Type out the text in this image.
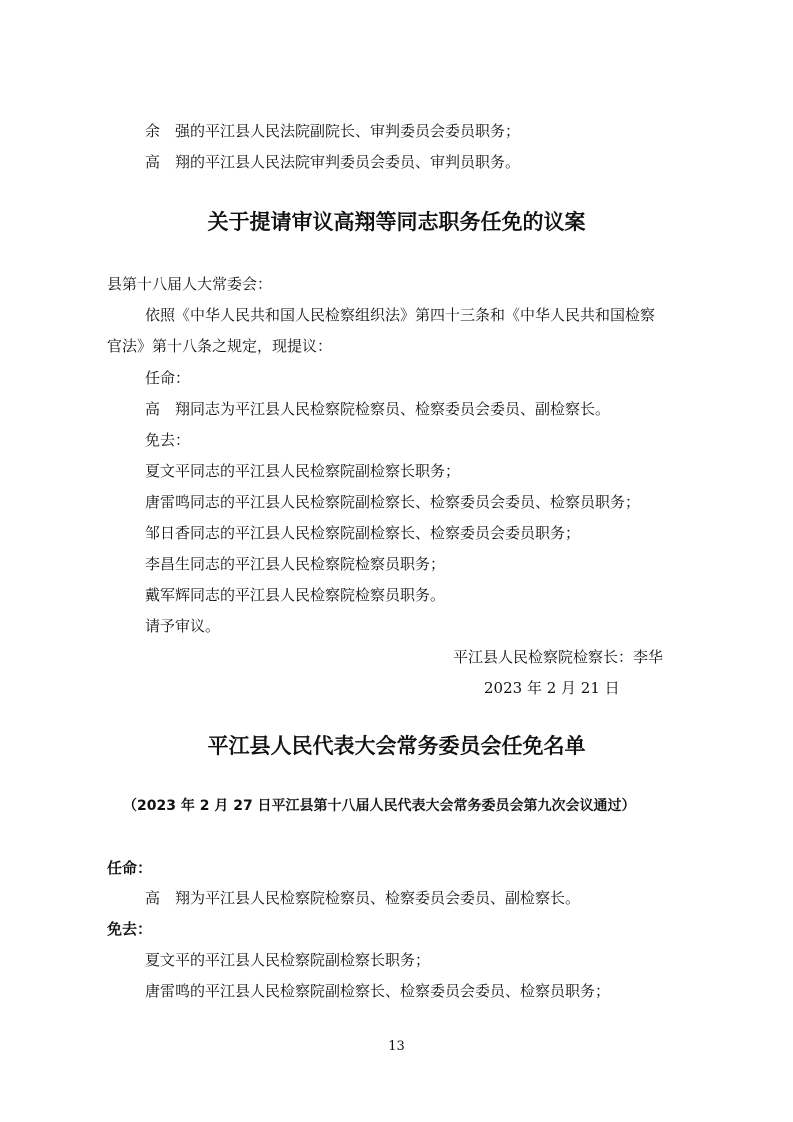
余　强的平江县人民法院副院长、审判委员会委员职务；
高　翔的平江县人民法院审判委员会委员、审判员职务。
关于提请审议高翔等同志职务任免的议案
县第十八届人大常委会：
依照《中华人民共和国人民检察组织法》第四十三条和《中华人民共和国检察
官法》第十八条之规定，现提议：
任命：
高　翔同志为平江县人民检察院检察员、检察委员会委员、副检察长。
免去：
夏文平同志的平江县人民检察院副检察长职务；
唐雷鸣同志的平江县人民检察院副检察长、检察委员会委员、检察员职务；
邹日香同志的平江县人民检察院副检察长、检察委员会委员职务；
李昌生同志的平江县人民检察院检察员职务；
戴军辉同志的平江县人民检察院检察员职务。
请予审议。
平江县人民检察院检察长：李华
2023 年 2 月 21 日
平江县人民代表大会常务委员会任免名单
（2023 年 2 月 27 日平江县第十八届人民代表大会常务委员会第九次会议通过）
任命：
高　翔为平江县人民检察院检察员、检察委员会委员、副检察长。
免去：
夏文平的平江县人民检察院副检察长职务；
唐雷鸣的平江县人民检察院副检察长、检察委员会委员、检察员职务；
13
